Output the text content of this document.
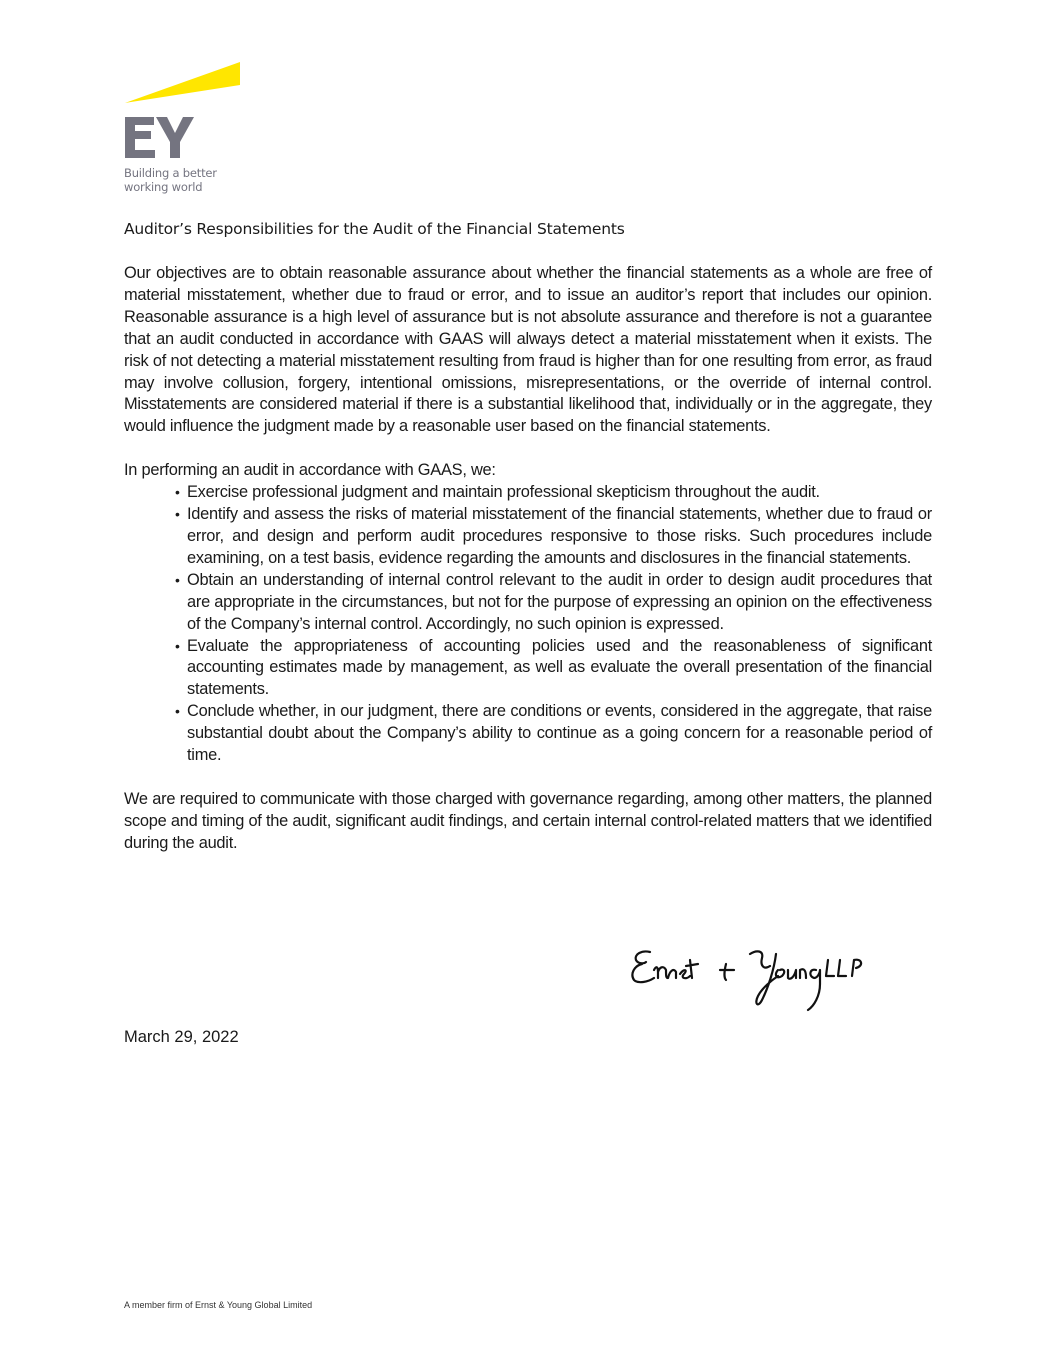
Building a better
working world
Auditor’s Responsibilities for the Audit of the Financial Statements

Our objectives are to obtain reasonable assurance about whether the financial statements as a whole are free of material misstatement, whether due to fraud or error, and to issue an auditor’s report that includes our opinion. Reasonable assurance is a high level of assurance but is not absolute assurance and therefore is not a guarantee that an audit conducted in accordance with GAAS will always detect a material misstatement when it exists. The risk of not detecting a material misstatement resulting from fraud is higher than for one resulting from error, as fraud may involve collusion, forgery, intentional omissions, misrepresentations, or the override of internal control. Misstatements are considered material if there is a substantial likelihood that, individually or in the aggregate, they would influence the judgment made by a reasonable user based on the financial statements.

In performing an audit in accordance with GAAS, we:

• Exercise professional judgment and maintain professional skepticism throughout the audit.
• Identify and assess the risks of material misstatement of the financial statements, whether due to fraud or error, and design and perform audit procedures responsive to those risks. Such procedures include examining, on a test basis, evidence regarding the amounts and disclosures in the financial statements.
• Obtain an understanding of internal control relevant to the audit in order to design audit procedures that are appropriate in the circumstances, but not for the purpose of expressing an opinion on the effectiveness of the Company’s internal control. Accordingly, no such opinion is expressed.
• Evaluate the appropriateness of accounting policies used and the reasonableness of significant accounting estimates made by management, as well as evaluate the overall presentation of the financial statements.
• Conclude whether, in our judgment, there are conditions or events, considered in the aggregate, that raise substantial doubt about the Company’s ability to continue as a going concern for a reasonable period of time.

We are required to communicate with those charged with governance regarding, among other matters, the planned scope and timing of the audit, significant audit findings, and certain internal control-related matters that we identified during the audit.

March 29, 2022
A member firm of Ernst & Young Global Limited
